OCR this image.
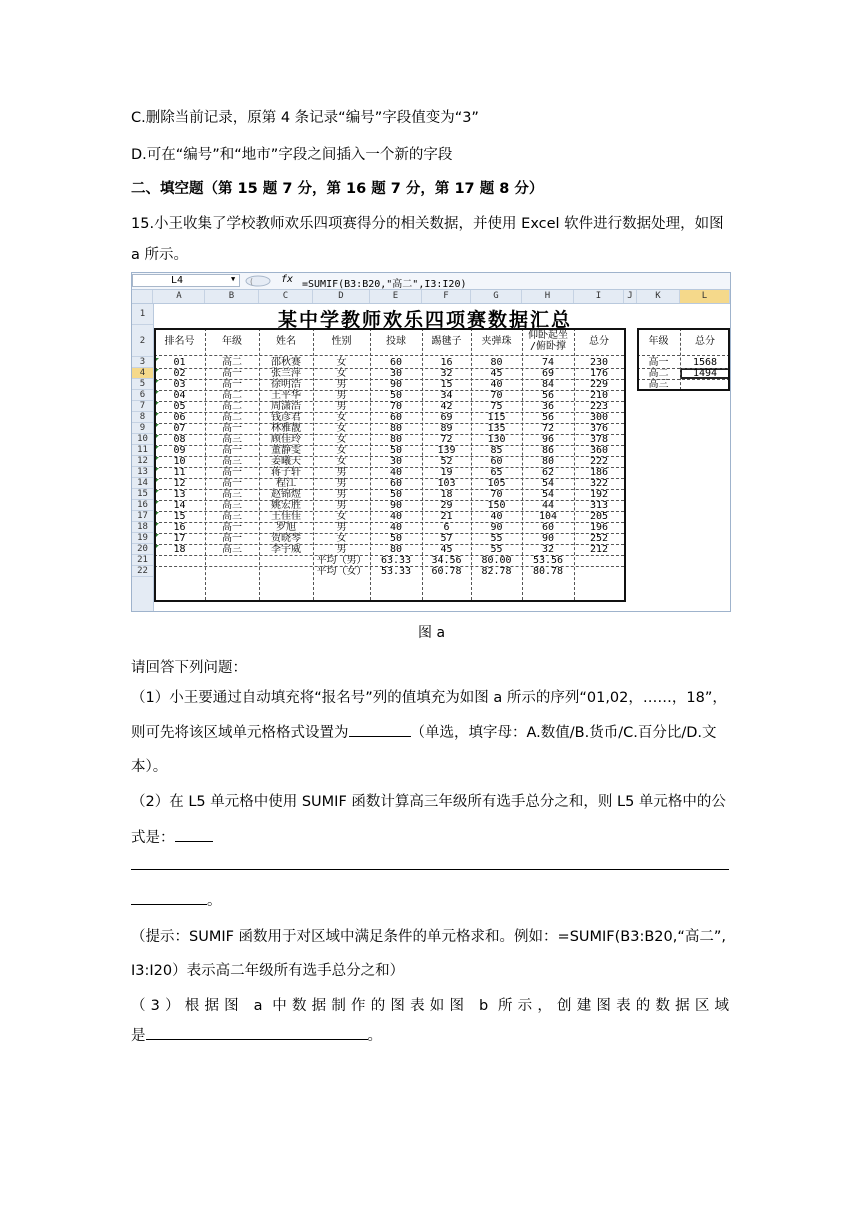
C.删除当前记录，原第 4 条记录“编号”字段值变为“3”
D.可在“编号”和“地市”字段之间插入一个新的字段
二、填空题（第 15 题 7 分，第 16 题 7 分，第 17 题 8 分）
15.小王收集了学校教师欢乐四项赛得分的相关数据，并使用 Excel 软件进行数据处理，如图
a 所示。
L4	▼ (	fx =SUMIF(B3:B20,"高二",I3:I20)
A	B	C	D	E	F	G	H	I	J	K	L
1
2
3
4
5
6
7
8
9
10
11
12
13
14
15
16
17
18
19
20
21
22
某中学教师欢乐四项赛数据汇总
排名号	年级	姓名	性别	投球	踢毽子	夹弹珠
仰卧起坐
/俯卧撑	总分
01	高二	邵秋赛	女	60	16	80	74	230
02	高一	张兰萍	女	30	32	45	69	176
03	高一	徐明浩	男	90	15	40	84	229
04	高二	王平华	男	50	34	70	56	210
05	高二	周潇浩	男	70	42	75	36	223
06	高二	钱彦君	女	60	69	115	56	300
07	高一	林雅靓	女	80	89	135	72	376
08	高三	顾佳玲	女	80	72	130	96	378
09	高一	董静雯	女	50	139	85	86	360
10	高三	姜曦天	女	30	52	60	80	222
11	高一	蒋子轩	男	40	19	65	62	186
12	高一	程江	男	60	103	105	54	322
13	高三	赵锦煜	男	50	18	70	54	192
14	高三	姚宏胜	男	90	29	150	44	313
15	高三	王佳佳	女	40	21	40	104	205
16	高一	罗旭	男	40	6	90	60	196
17	高一	贺晓琴	女	50	57	55	90	252
18	高三	李宇威	男	80	45	55	32	212
平均（男）	63.33	34.56	80.00	53.56
平均（女）	53.33	60.78	82.78	80.78
年级	总分
高一	1568
高二	1494
高三
图 a
请回答下列问题：
（1）小王要通过自动填充将“报名号”列的值填充为如图 a 所示的序列“01,02，……，18”，
则可先将该区域单元格格式设置为	（单选，填字母：A.数值/B.货币/C.百分比/D.文
本）。
（2）在 L5 单元格中使用 SUMIF 函数计算高三年级所有选手总分之和，则 L5 单元格中的公
式是：
。
（提示：SUMIF 函数用于对区域中满足条件的单元格求和。例如：=SUMIF(B3:B20,“高二”,
I3:I20）表示高二年级所有选手总分之和）
（3）根据图 a 中数据制作的图表如图 b 所示，创建图表的数据区域
是	。
